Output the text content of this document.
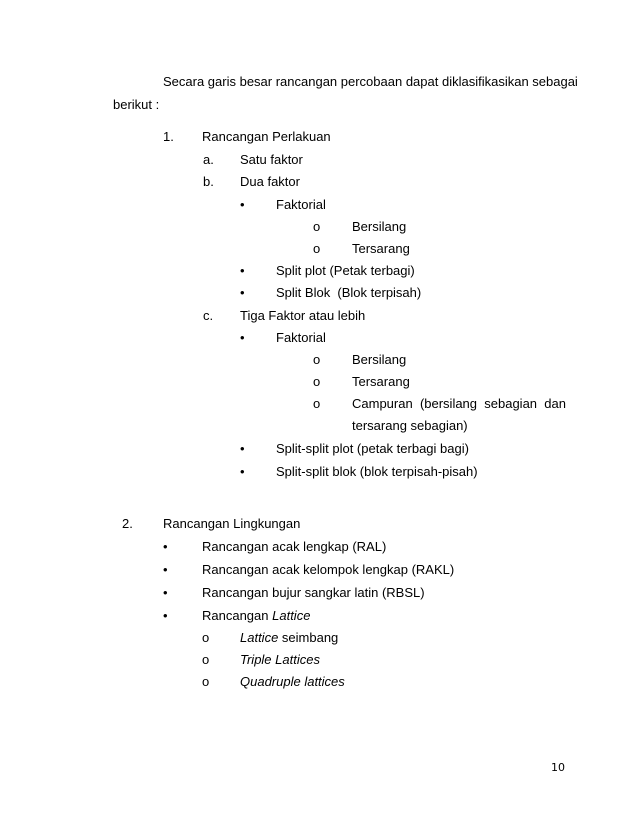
Secara garis besar rancangan percobaan dapat diklasifikasikan sebagai
berikut :
1. Rancangan Perlakuan
a. Satu faktor
b. Dua faktor
• Faktorial
o Bersilang
o Tersarang
• Split plot (Petak terbagi)
• Split Blok  (Blok terpisah)
c. Tiga Faktor atau lebih
• Faktorial
o Bersilang
o Tersarang
o Campuran (bersilang sebagian dan
tersarang sebagian)
• Split-split plot (petak terbagi bagi)
• Split-split blok (blok terpisah-pisah)
2. Rancangan Lingkungan
•	Rancangan acak lengkap (RAL)
•	Rancangan acak kelompok lengkap (RAKL)
•	Rancangan bujur sangkar latin (RBSL)
•	Rancangan Lattice
o Lattice seimbang
o Triple Lattices
o Quadruple lattices
10
